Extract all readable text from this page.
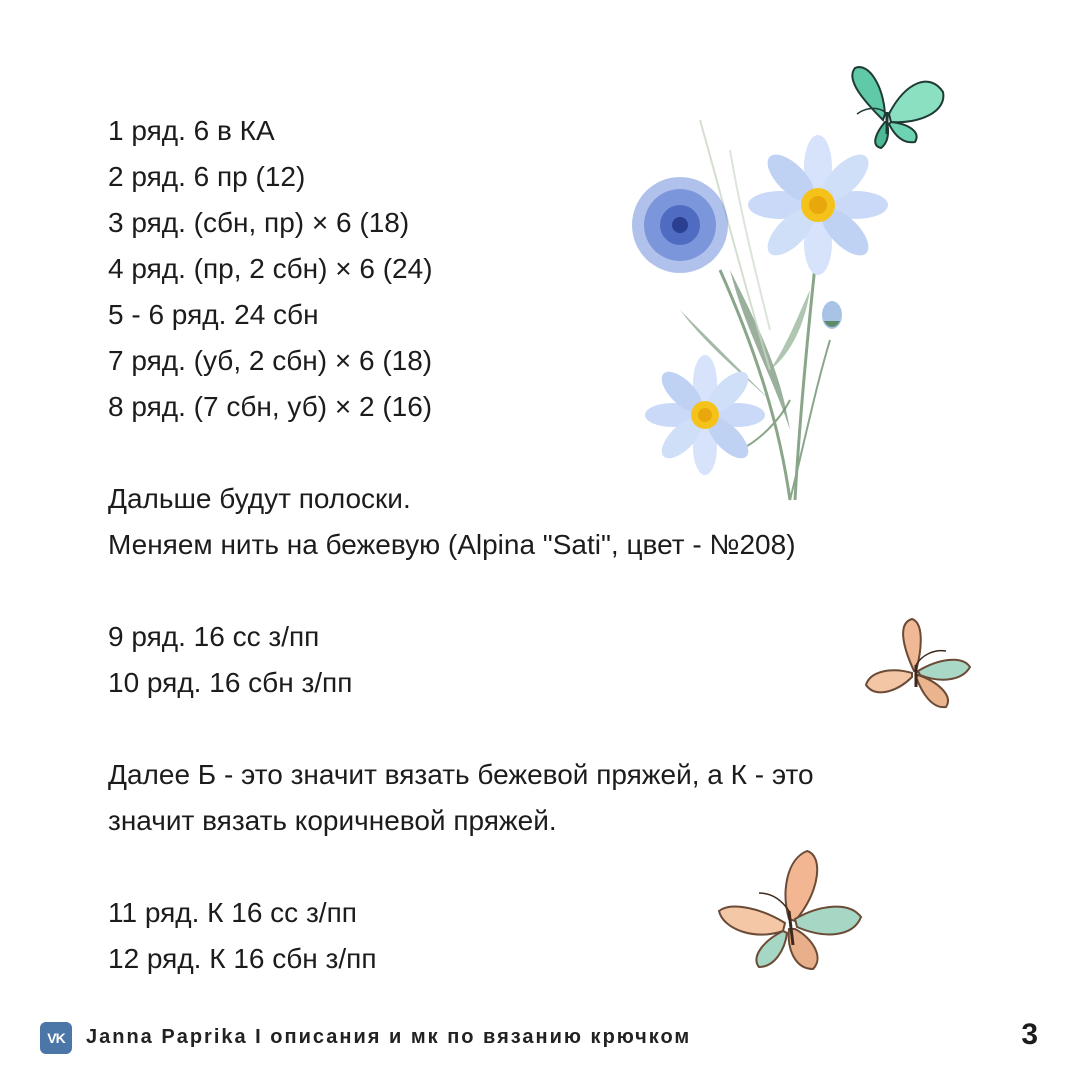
1 ряд. 6 в КА
2 ряд. 6 пр (12)
3 ряд. (сбн, пр) × 6 (18)
4 ряд. (пр, 2 сбн) × 6 (24)
5 - 6 ряд. 24 сбн
7 ряд. (уб, 2 сбн) × 6 (18)
8 ряд. (7 сбн, уб) × 2 (16)
Дальше будут полоски.
Меняем нить на бежевую (Alpina "Sati", цвет - №208)
9 ряд. 16 сс з/пп
10 ряд. 16 сбн з/пп
Далее Б - это значит вязать бежевой пряжей, а К - это
значит вязать коричневой пряжей.
11 ряд. К 16 сс з/пп
12 ряд. К 16 сбн з/пп
VK	Janna Paprika I описания и мк по вязанию крючком	3
